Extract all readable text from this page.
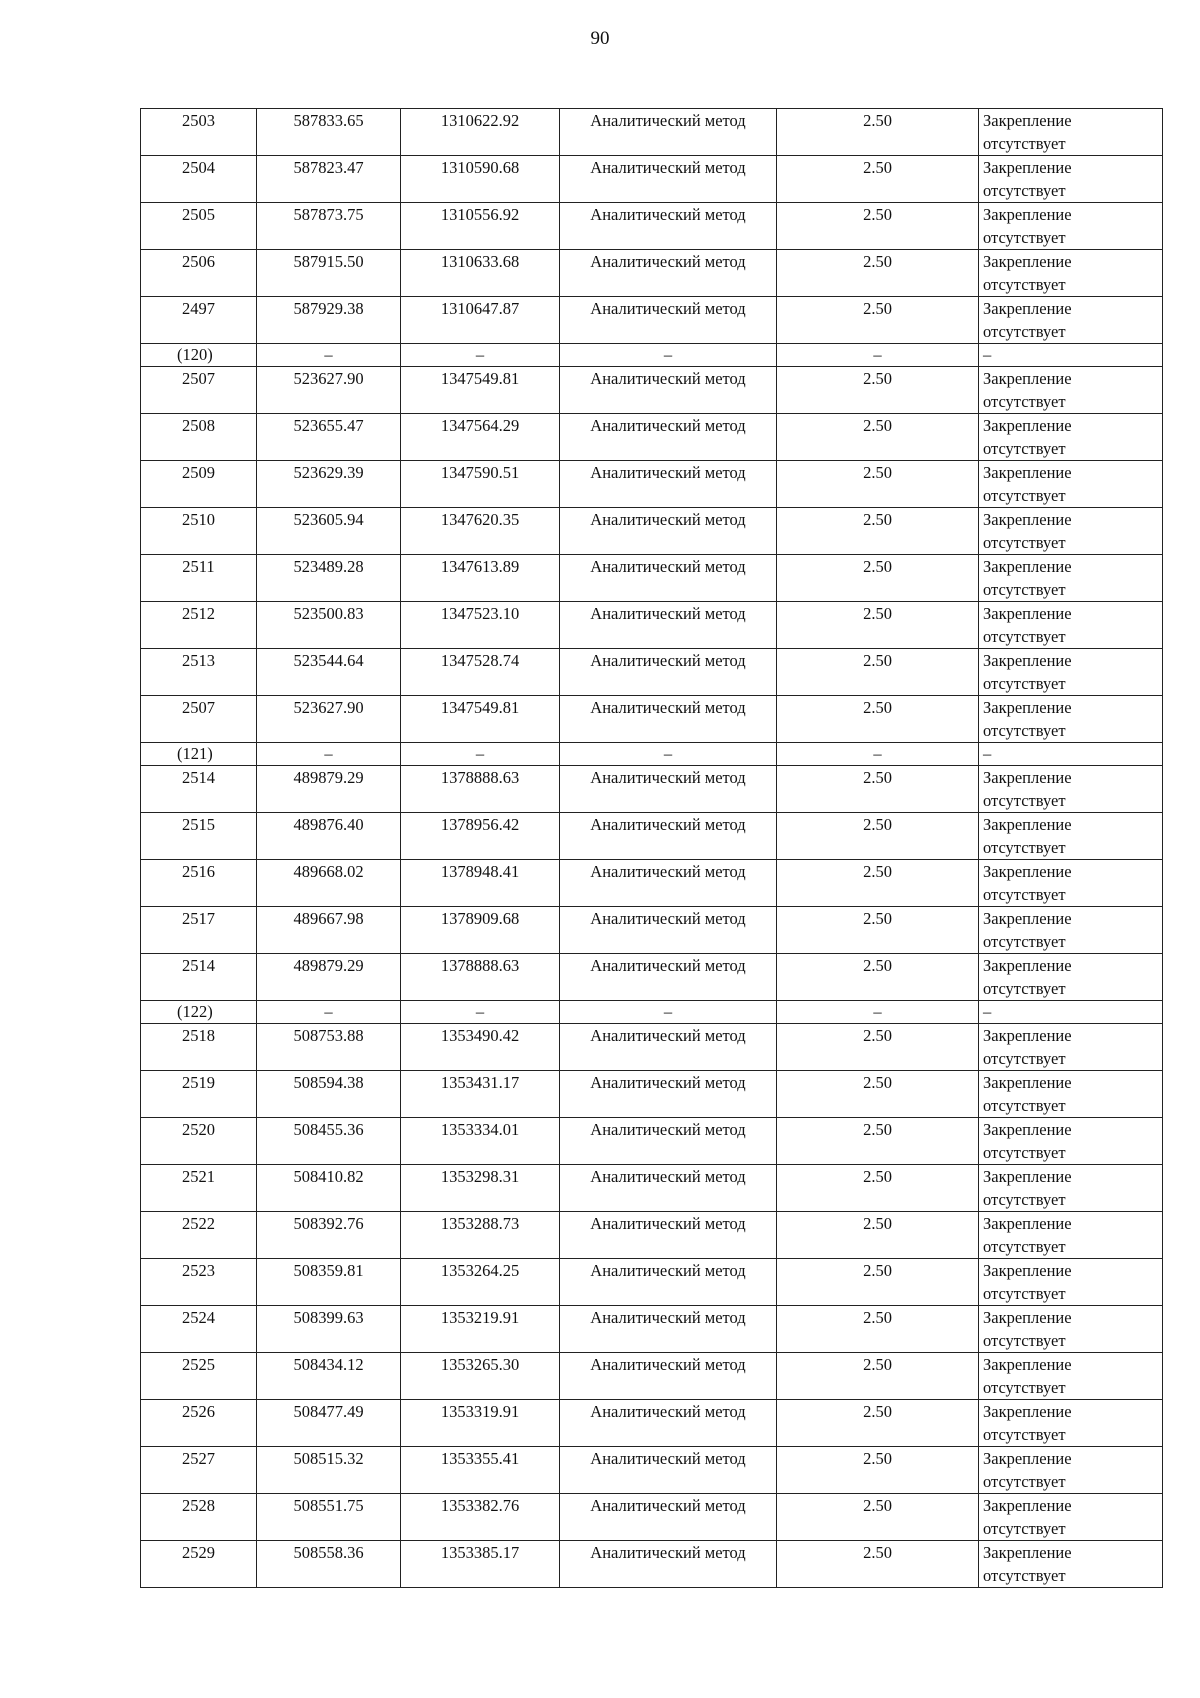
90
2503	587833.65	1310622.92	Аналитический метод	2.50	Закрепление отсутствует
2504	587823.47	1310590.68	Аналитический метод	2.50	Закрепление отсутствует
2505	587873.75	1310556.92	Аналитический метод	2.50	Закрепление отсутствует
2506	587915.50	1310633.68	Аналитический метод	2.50	Закрепление отсутствует
2497	587929.38	1310647.87	Аналитический метод	2.50	Закрепление отсутствует
(120)	–	–	–	–	–
2507	523627.90	1347549.81	Аналитический метод	2.50	Закрепление отсутствует
2508	523655.47	1347564.29	Аналитический метод	2.50	Закрепление отсутствует
2509	523629.39	1347590.51	Аналитический метод	2.50	Закрепление отсутствует
2510	523605.94	1347620.35	Аналитический метод	2.50	Закрепление отсутствует
2511	523489.28	1347613.89	Аналитический метод	2.50	Закрепление отсутствует
2512	523500.83	1347523.10	Аналитический метод	2.50	Закрепление отсутствует
2513	523544.64	1347528.74	Аналитический метод	2.50	Закрепление отсутствует
2507	523627.90	1347549.81	Аналитический метод	2.50	Закрепление отсутствует
(121)	–	–	–	–	–
2514	489879.29	1378888.63	Аналитический метод	2.50	Закрепление отсутствует
2515	489876.40	1378956.42	Аналитический метод	2.50	Закрепление отсутствует
2516	489668.02	1378948.41	Аналитический метод	2.50	Закрепление отсутствует
2517	489667.98	1378909.68	Аналитический метод	2.50	Закрепление отсутствует
2514	489879.29	1378888.63	Аналитический метод	2.50	Закрепление отсутствует
(122)	–	–	–	–	–
2518	508753.88	1353490.42	Аналитический метод	2.50	Закрепление отсутствует
2519	508594.38	1353431.17	Аналитический метод	2.50	Закрепление отсутствует
2520	508455.36	1353334.01	Аналитический метод	2.50	Закрепление отсутствует
2521	508410.82	1353298.31	Аналитический метод	2.50	Закрепление отсутствует
2522	508392.76	1353288.73	Аналитический метод	2.50	Закрепление отсутствует
2523	508359.81	1353264.25	Аналитический метод	2.50	Закрепление отсутствует
2524	508399.63	1353219.91	Аналитический метод	2.50	Закрепление отсутствует
2525	508434.12	1353265.30	Аналитический метод	2.50	Закрепление отсутствует
2526	508477.49	1353319.91	Аналитический метод	2.50	Закрепление отсутствует
2527	508515.32	1353355.41	Аналитический метод	2.50	Закрепление отсутствует
2528	508551.75	1353382.76	Аналитический метод	2.50	Закрепление отсутствует
2529	508558.36	1353385.17	Аналитический метод	2.50	Закрепление отсутствует
